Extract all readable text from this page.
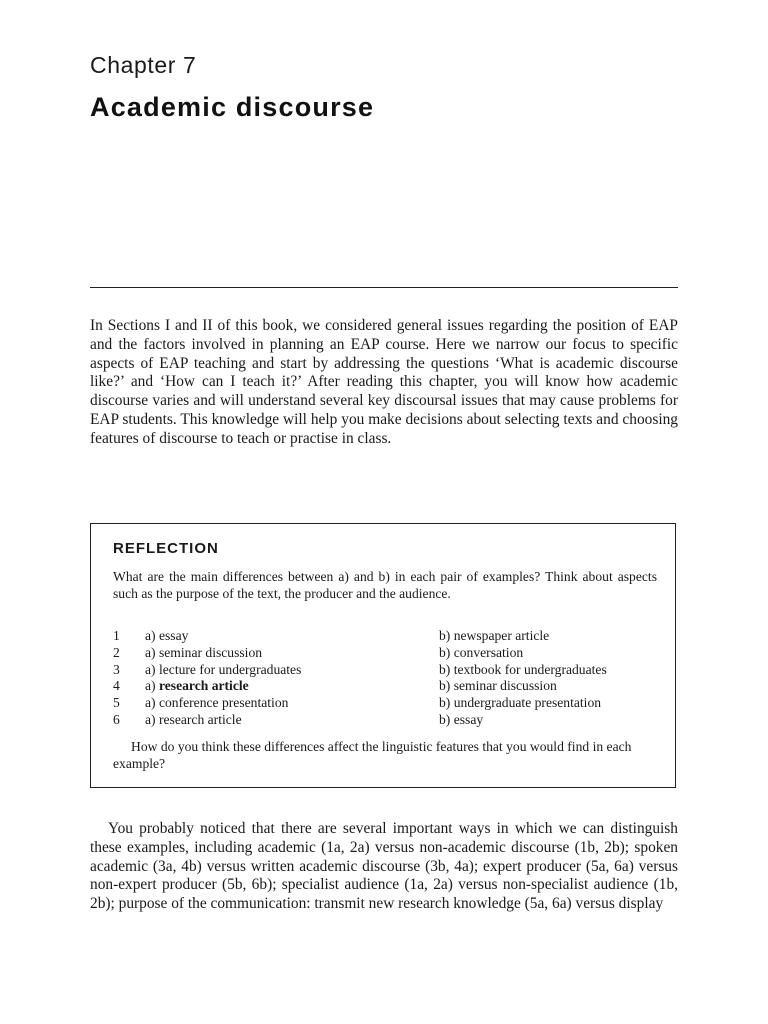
Chapter 7
Academic discourse

In Sections I and II of this book, we considered general issues regarding the position of EAP and the factors involved in planning an EAP course. Here we narrow our focus to specific aspects of EAP teaching and start by addressing the questions ‘What is academic discourse like?’ and ‘How can I teach it?’ After reading this chapter, you will know how academic discourse varies and will understand several key discoursal issues that may cause problems for EAP students. This knowledge will help you make decisions about selecting texts and choosing features of discourse to teach or practise in class.

REFLECTION

What are the main differences between a) and b) in each pair of examples? Think about aspects such as the purpose of the text, the producer and the audience.

1	a) essay	b) newspaper article
2	a) seminar discussion	b) conversation
3	a) lecture for undergraduates	b) textbook for undergraduates
4	a) research article	b) seminar discussion
5	a) conference presentation	b) undergraduate presentation
6	a) research article	b) essay

How do you think these differences affect the linguistic features that you would find in each example?

You probably noticed that there are several important ways in which we can distinguish these examples, including academic (1a, 2a) versus non-academic discourse (1b, 2b); spoken academic (3a, 4b) versus written academic discourse (3b, 4a); expert producer (5a, 6a) versus non-expert producer (5b, 6b); specialist audience (1a, 2a) versus non-specialist audience (1b, 2b); purpose of the communication: transmit new research knowledge (5a, 6a) versus display
